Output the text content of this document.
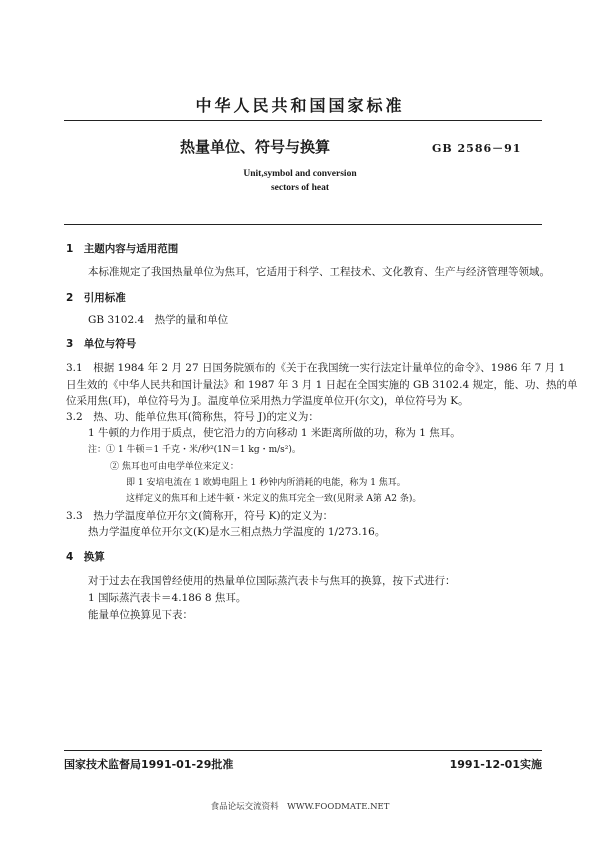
中华人民共和国国家标准
热量单位、符号与换算	GB 2586－91
Unit,symbol and conversion
sectors of heat
1　主题内容与适用范围
本标准规定了我国热量单位为焦耳，它适用于科学、工程技术、文化教育、生产与经济管理等领域。
2　引用标准
GB 3102.4　热学的量和单位
3　单位与符号
3.1　根据 1984 年 2 月 27 日国务院颁布的《关于在我国统一实行法定计量单位的命令》、1986 年 7 月 1
日生效的《中华人民共和国计量法》和 1987 年 3 月 1 日起在全国实施的 GB 3102.4 规定，能、功、热的单
位采用焦(耳)，单位符号为 J。温度单位采用热力学温度单位开(尔文)，单位符号为 K。
3.2　热、功、能单位焦耳(简称焦，符号 J)的定义为：
1 牛顿的力作用于质点，使它沿力的方向移动 1 米距离所做的功，称为 1 焦耳。
注：① 1 牛顿＝1 千克・米/秒²(1N＝1 kg・m/s²)。
② 焦耳也可由电学单位来定义：
即 1 安培电流在 1 欧姆电阻上 1 秒钟内所消耗的电能，称为 1 焦耳。
这样定义的焦耳和上述牛顿・米定义的焦耳完全一致(见附录 A第 A2 条)。
3.3　热力学温度单位开尔文(简称开，符号 K)的定义为：
热力学温度单位开尔文(K)是水三相点热力学温度的 1/273.16。
4　换算
对于过去在我国曾经使用的热量单位国际蒸汽表卡与焦耳的换算，按下式进行：
1 国际蒸汽表卡＝4.186 8 焦耳。
能量单位换算见下表：
国家技术监督局1991-01-29批准	1991-12-01实施
食品论坛交流资料　WWW.FOODMATE.NET
